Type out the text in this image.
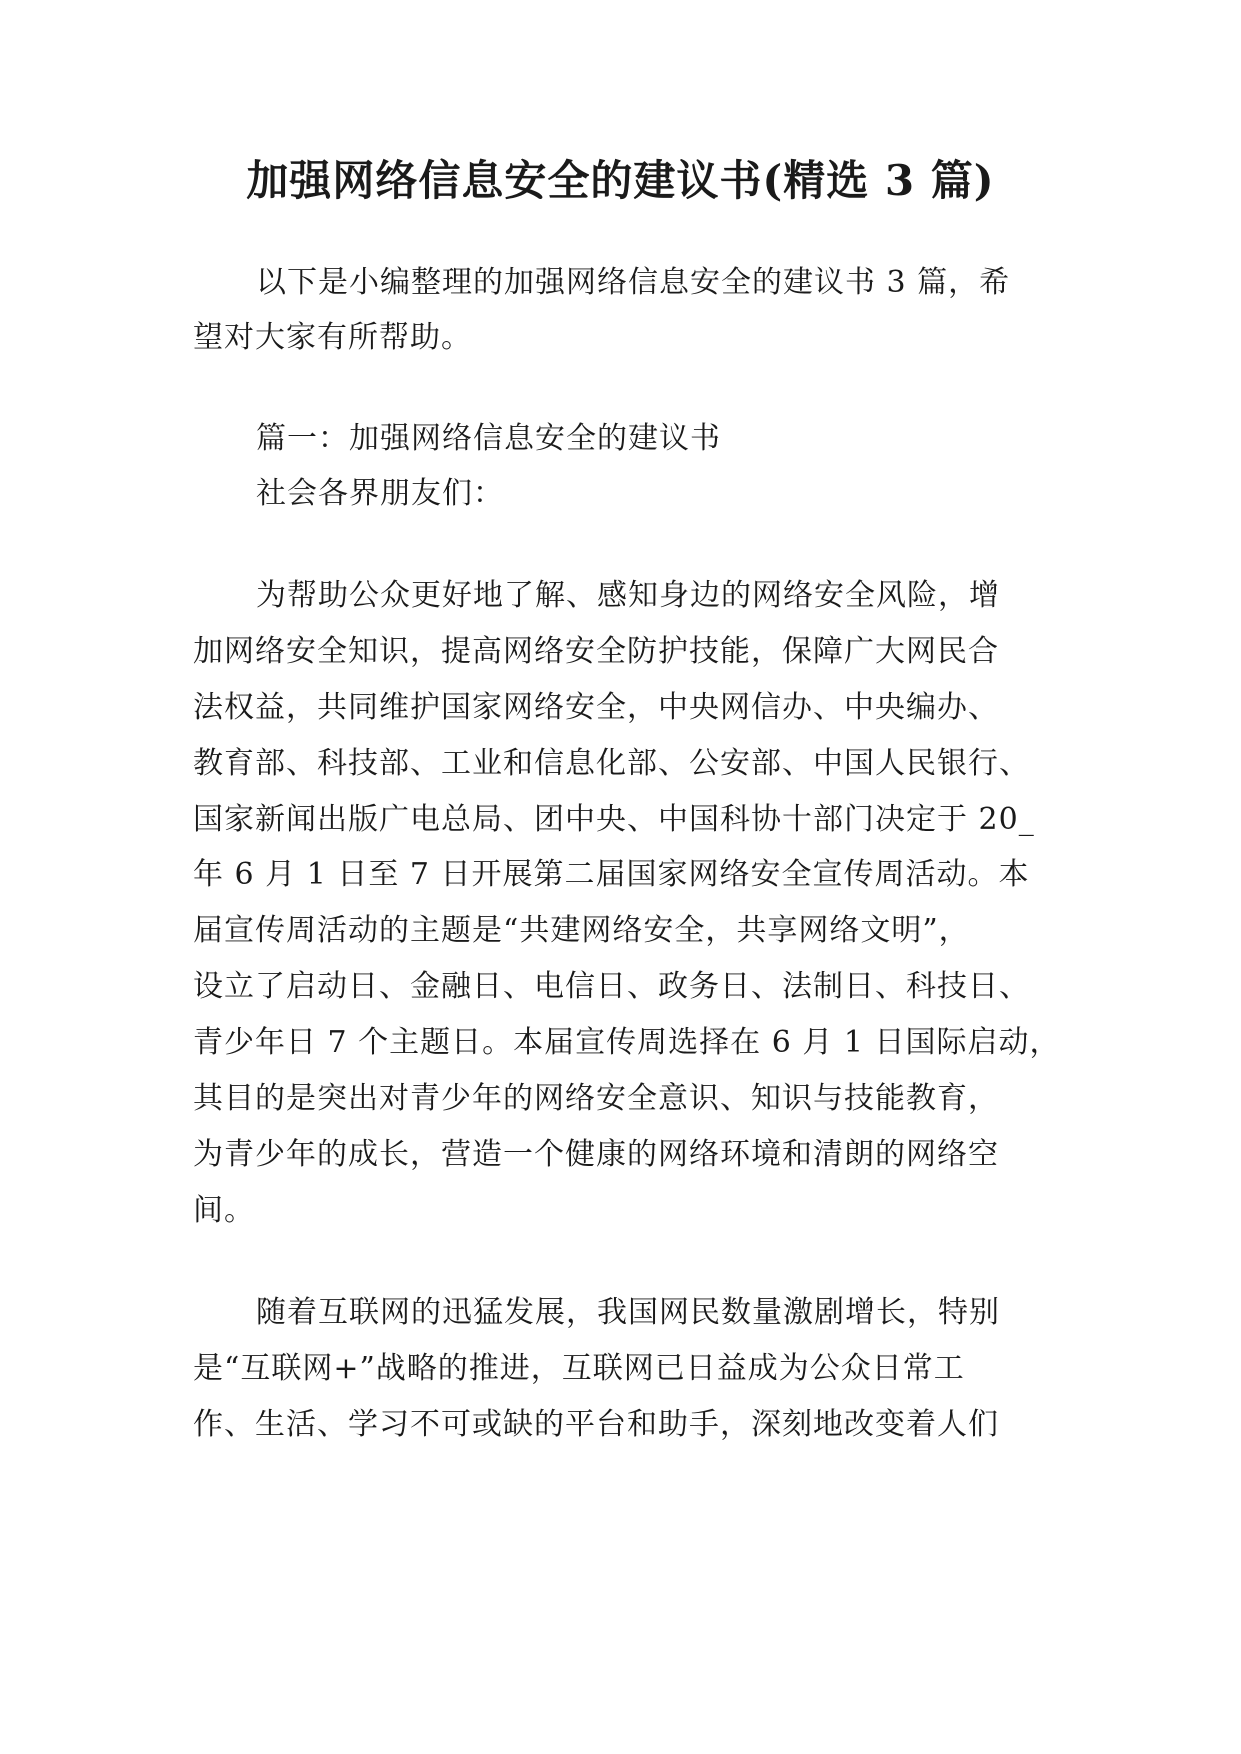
加强网络信息安全的建议书(精选 3 篇)
以下是小编整理的加强网络信息安全的建议书 3 篇，希
望对大家有所帮助。
篇一：加强网络信息安全的建议书
社会各界朋友们：
为帮助公众更好地了解、感知身边的网络安全风险，增
加网络安全知识，提高网络安全防护技能，保障广大网民合
法权益，共同维护国家网络安全，中央网信办、中央编办、
教育部、科技部、工业和信息化部、公安部、中国人民银行、
国家新闻出版广电总局、团中央、中国科协十部门决定于 20_
年 6 月 1 日至 7 日开展第二届国家网络安全宣传周活动。本
届宣传周活动的主题是“共建网络安全，共享网络文明”，
设立了启动日、金融日、电信日、政务日、法制日、科技日、
青少年日 7 个主题日。本届宣传周选择在 6 月 1 日国际启动，
其目的是突出对青少年的网络安全意识、知识与技能教育，
为青少年的成长，营造一个健康的网络环境和清朗的网络空
间。
随着互联网的迅猛发展，我国网民数量激剧增长，特别
是“互联网+”战略的推进，互联网已日益成为公众日常工
作、生活、学习不可或缺的平台和助手，深刻地改变着人们
